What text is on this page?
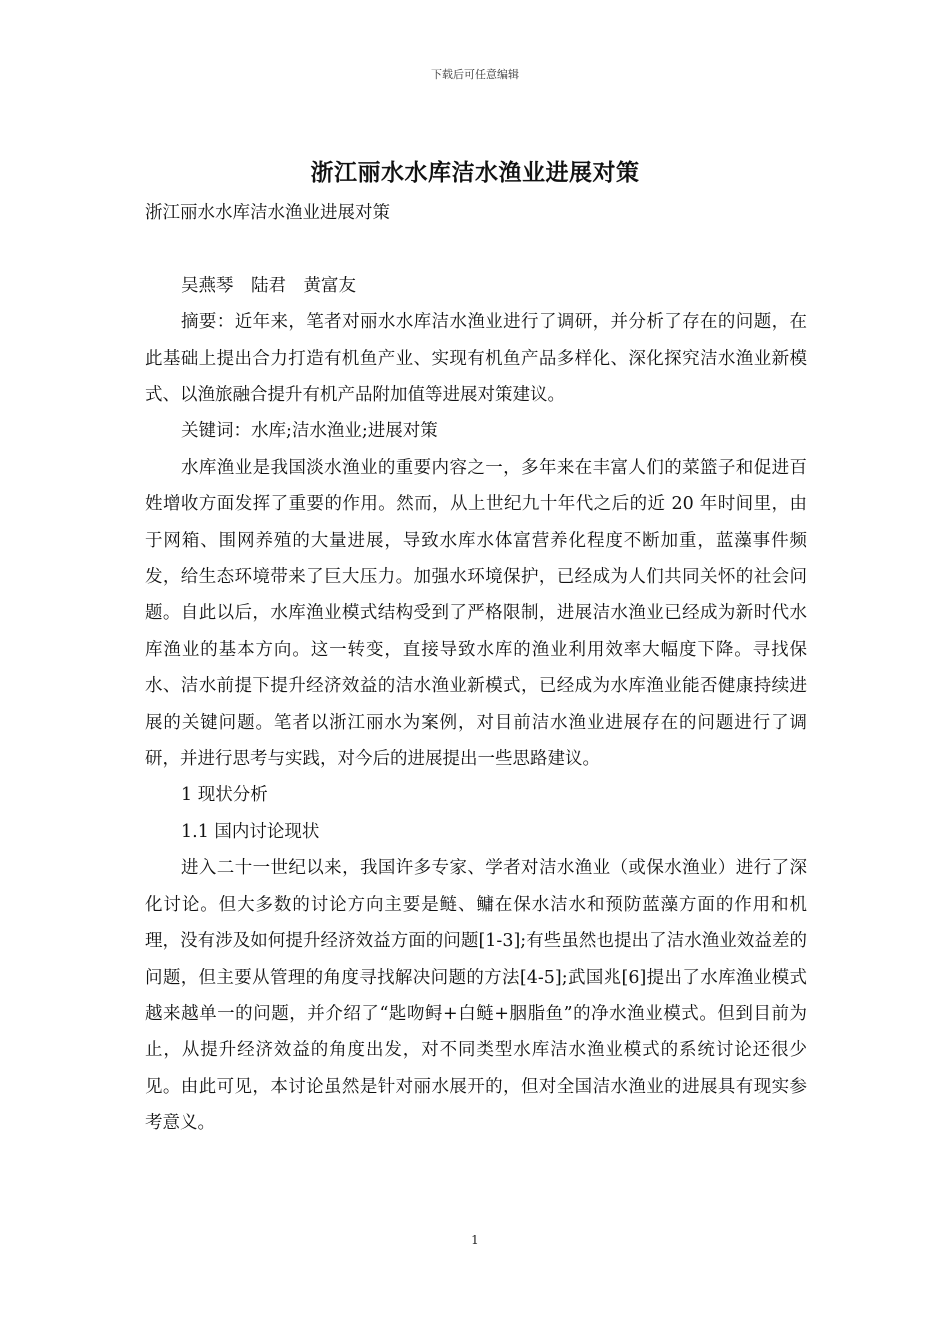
下载后可任意编辑
浙江丽水水库洁水渔业进展对策

浙江丽水水库洁水渔业进展对策

吴燕琴　陆君　黄富友

摘要：近年来，笔者对丽水水库洁水渔业进行了调研，并分析了存在的问题，在此基础上提出合力打造有机鱼产业、实现有机鱼产品多样化、深化探究洁水渔业新模式、以渔旅融合提升有机产品附加值等进展对策建议。

关键词：水库;洁水渔业;进展对策

水库渔业是我国淡水渔业的重要内容之一，多年来在丰富人们的菜篮子和促进百姓增收方面发挥了重要的作用。然而，从上世纪九十年代之后的近 20 年时间里，由于网箱、围网养殖的大量进展，导致水库水体富营养化程度不断加重，蓝藻事件频发，给生态环境带来了巨大压力。加强水环境保护，已经成为人们共同关怀的社会问题。自此以后，水库渔业模式结构受到了严格限制，进展洁水渔业已经成为新时代水库渔业的基本方向。这一转变，直接导致水库的渔业利用效率大幅度下降。寻找保水、洁水前提下提升经济效益的洁水渔业新模式，已经成为水库渔业能否健康持续进展的关键问题。笔者以浙江丽水为案例，对目前洁水渔业进展存在的问题进行了调研，并进行思考与实践，对今后的进展提出一些思路建议。

1 现状分析

1.1 国内讨论现状

进入二十一世纪以来，我国许多专家、学者对洁水渔业（或保水渔业）进行了深化讨论。但大多数的讨论方向主要是鲢、鳙在保水洁水和预防蓝藻方面的作用和机理，没有涉及如何提升经济效益方面的问题[1-3];有些虽然也提出了洁水渔业效益差的问题，但主要从管理的角度寻找解决问题的方法[4-5];武国兆[6]提出了水库渔业模式越来越单一的问题，并介绍了“匙吻鲟+白鲢+胭脂鱼”的净水渔业模式。但到目前为止，从提升经济效益的角度出发，对不同类型水库洁水渔业模式的系统讨论还很少见。由此可见，本讨论虽然是针对丽水展开的，但对全国洁水渔业的进展具有现实参考意义。

1
